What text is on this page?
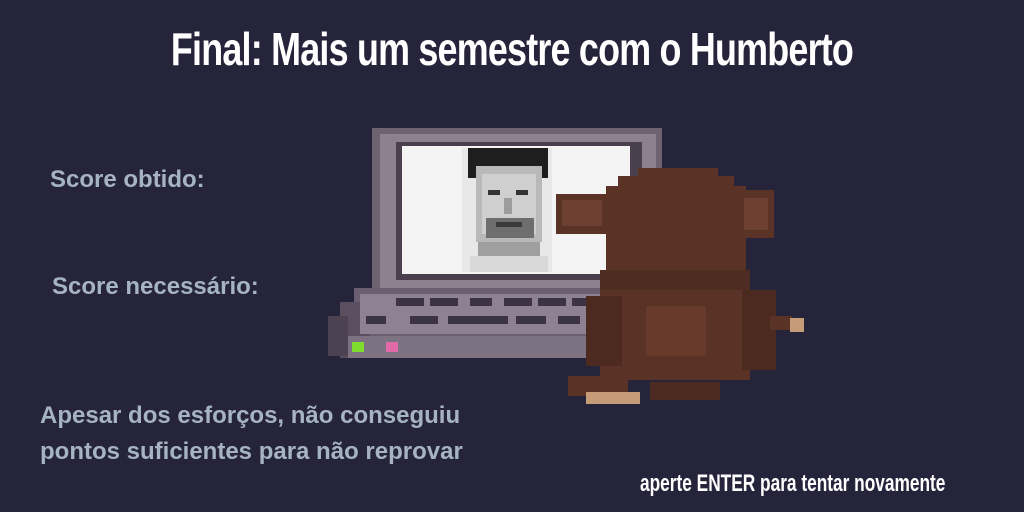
Final: Mais um semestre com o Humberto
Score obtido:
Score necessário:
Apesar dos esforços, não conseguiu
pontos suficientes para não reprovar
aperte ENTER para tentar novamente
